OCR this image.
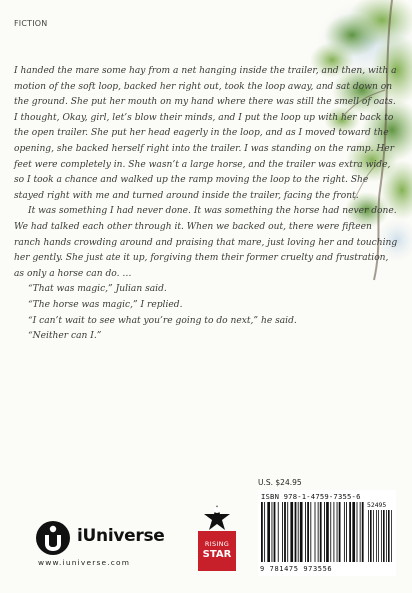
FICTION

I handed the mare some hay from a net hanging inside the trailer, and then, with a motion of the soft loop, backed her right out, took the loop away, and sat down on the ground. She put her mouth on my hand where there was still the smell of oats. I thought, Okay, girl, let’s blow their minds, and I put the loop up with her back to the open trailer. She put her head eagerly in the loop, and as I moved toward the opening, she backed herself right into the trailer. I was standing on the ramp. Her feet were completely in. She wasn’t a large horse, and the trailer was extra wide, so I took a chance and walked up the ramp moving the loop to the right. She stayed right with me and turned around inside the trailer, facing the front.

It was something I had never done. It was something the horse had never done. We had talked each other through it. When we backed out, there were fifteen ranch hands crowding around and praising that mare, just loving her and touching her gently. She just ate it up, forgiving them their former cruelty and frustration, as only a horse can do. …

“That was magic,” Julian said.

“The horse was magic,” I replied.

“I can’t wait to see what you’re going to do next,” he said.

“Neither can I.”

iUniverse
www.iuniverse.com
RISING
STAR
U.S. $24.95
ISBN 978-1-4759-7355-6
52495
9 781475 973556
